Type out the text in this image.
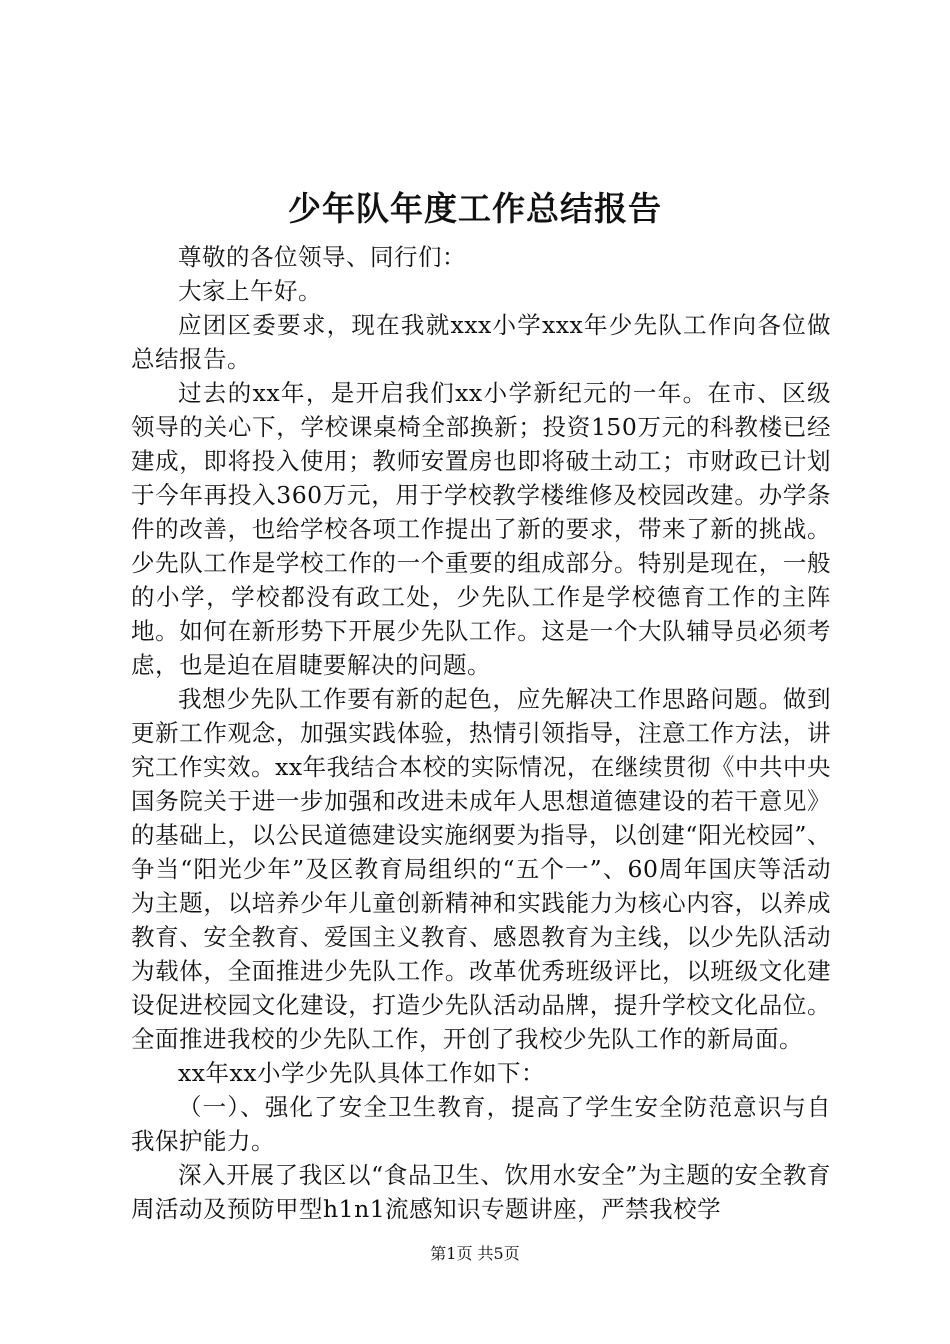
少年队年度工作总结报告

尊敬的各位领导、同行们：

大家上午好。

应团区委要求，现在我就xxx小学xxx年少先队工作向各位做总结报告。

过去的xx年，是开启我们xx小学新纪元的一年。在市、区级领导的关心下，学校课桌椅全部换新；投资150万元的科教楼已经建成，即将投入使用；教师安置房也即将破土动工；市财政已计划于今年再投入360万元，用于学校教学楼维修及校园改建。办学条件的改善，也给学校各项工作提出了新的要求，带来了新的挑战。少先队工作是学校工作的一个重要的组成部分。特别是现在，一般的小学，学校都没有政工处，少先队工作是学校德育工作的主阵地。如何在新形势下开展少先队工作。这是一个大队辅导员必须考虑，也是迫在眉睫要解决的问题。

我想少先队工作要有新的起色，应先解决工作思路问题。做到更新工作观念，加强实践体验，热情引领指导，注意工作方法，讲究工作实效。xx年我结合本校的实际情况，在继续贯彻《中共中央国务院关于进一步加强和改进未成年人思想道德建设的若干意见》的基础上，以公民道德建设实施纲要为指导，以创建“阳光校园”、争当“阳光少年”及区教育局组织的“五个一”、60周年国庆等活动为主题，以培养少年儿童创新精神和实践能力为核心内容，以养成教育、安全教育、爱国主义教育、感恩教育为主线，以少先队活动为载体，全面推进少先队工作。改革优秀班级评比，以班级文化建设促进校园文化建设，打造少先队活动品牌，提升学校文化品位。全面推进我校的少先队工作，开创了我校少先队工作的新局面。

xx年xx小学少先队具体工作如下：

（一）、强化了安全卫生教育，提高了学生安全防范意识与自我保护能力。

深入开展了我区以“食品卫生、饮用水安全”为主题的安全教育周活动及预防甲型h1n1流感知识专题讲座，严禁我校学

第1页 共5页
